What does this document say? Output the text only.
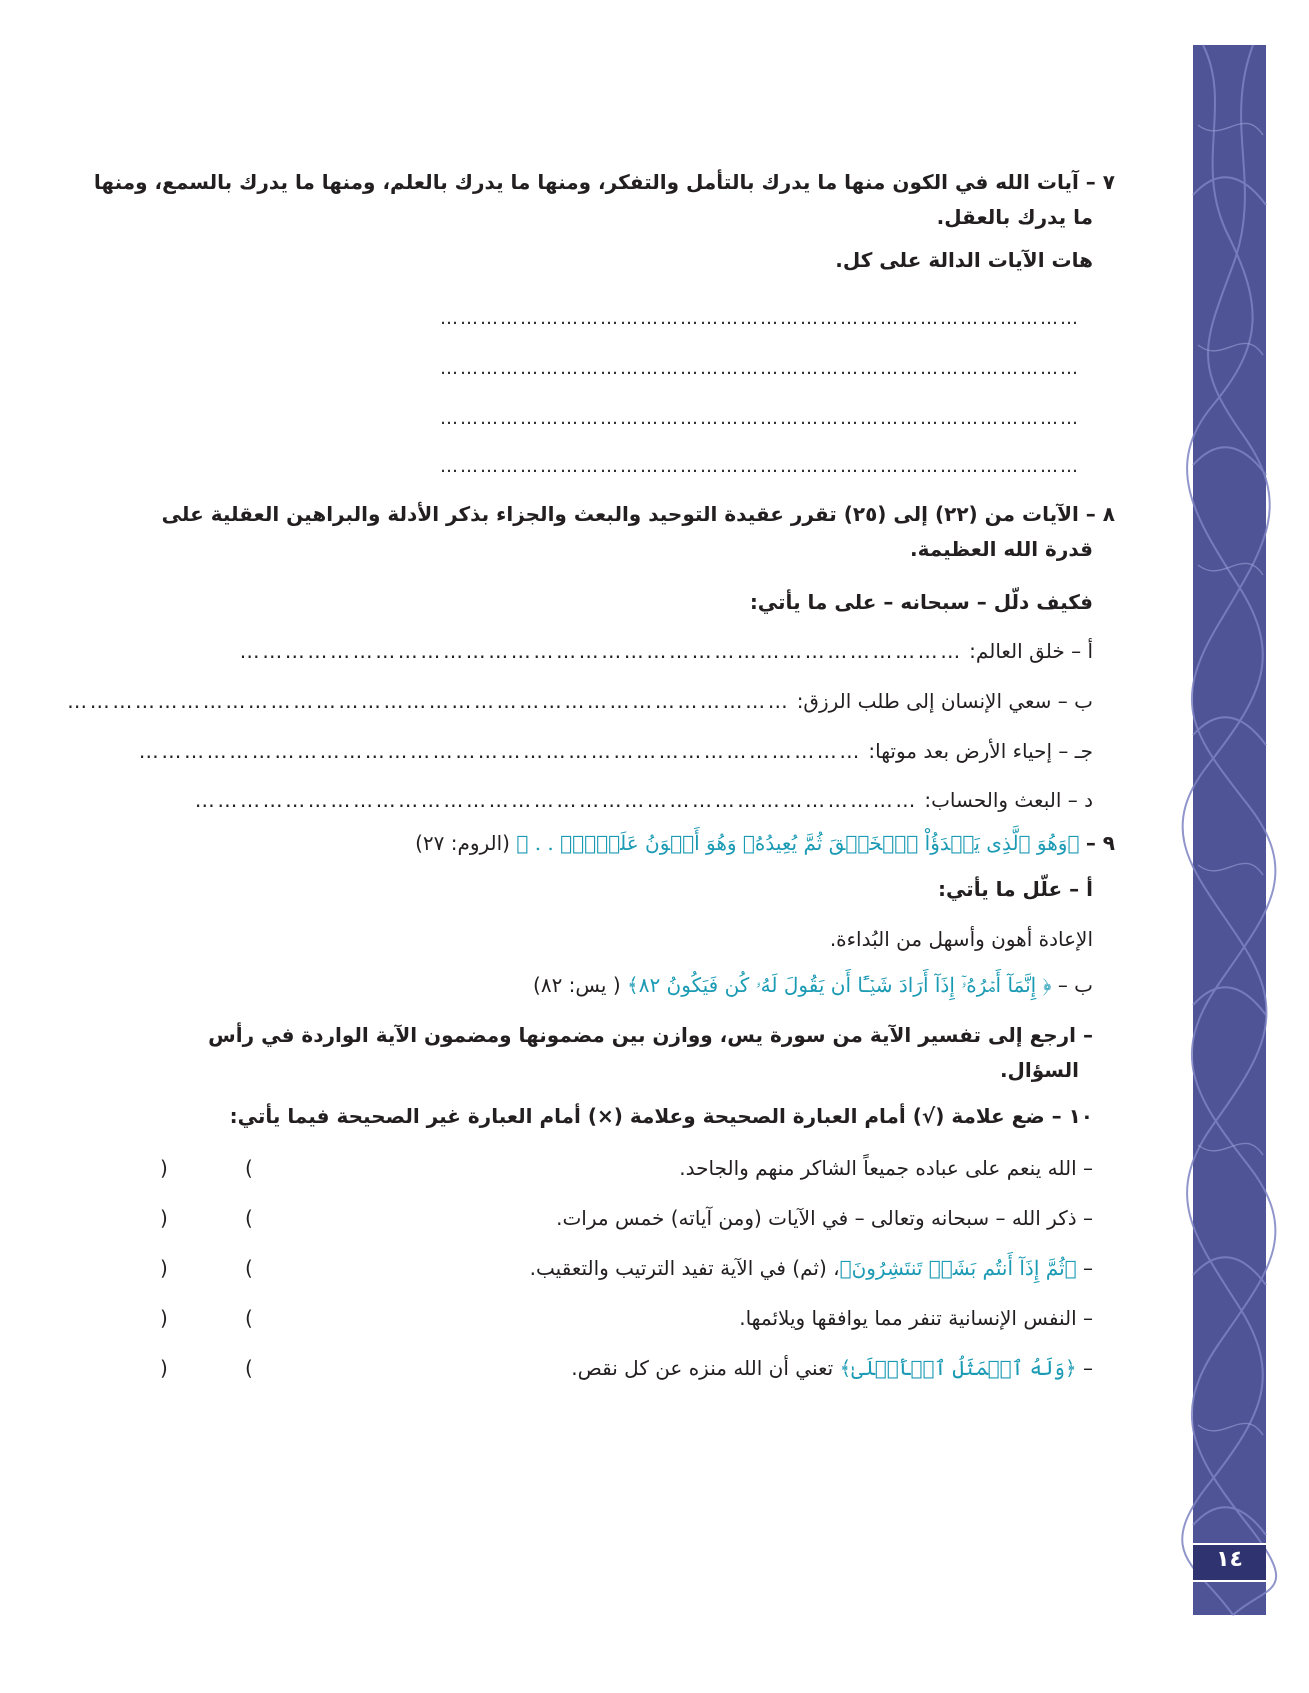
١٤
٧ – آيات الله في الكون منها ما يدرك بالتأمل والتفكر، ومنها ما يدرك بالعلم، ومنها ما يدرك بالسمع، ومنها
ما يدرك بالعقل.
هات الآيات الدالة على كل.
……………………………………………………………………………………
……………………………………………………………………………………
……………………………………………………………………………………
……………………………………………………………………………………
٨ – الآيات من (٢٢) إلى (٢٥) تقرر عقيدة التوحيد والبعث والجزاء بذكر الأدلة والبراهين العقلية على
قدرة الله العظيمة.
فكيف دلّل – سبحانه – على ما يأتي:
أ – خلق العالم: ……………………………………………………………………………………
ب – سعي الإنسان إلى طلب الرزق: ……………………………………………………………………………………
جـ – إحياء الأرض بعد موتها: ……………………………………………………………………………………
د – البعث والحساب: ……………………………………………………………………………………
٩ – ﴿وَهُوَ ٱلَّذِى يَبۡدَؤُاْ ٱلۡخَلۡقَ ثُمَّ يُعِيدُهُۥ وَهُوَ أَهۡوَنُ عَلَيۡهِۚ . . ﴾ (الروم: ٢٧)
أ – علّل ما يأتي:
الإعادة أهون وأسهل من البُداءة.
ب – ﴿ إِنَّمَآ أَمۡرُهُۥٓ إِذَآ أَرَادَ شَيۡـًٔا أَن يَقُولَ لَهُۥ كُن فَيَكُونُ ٨٢﴾ ( يس: ٨٢)
– ارجع إلى تفسير الآية من سورة يس، ووازن بين مضمونها ومضمون الآية الواردة في رأس
السؤال.
١٠ – ضع علامة (√) أمام العبارة الصحيحة وعلامة (×) أمام العبارة غير الصحيحة فيما يأتي:
– الله ينعم على عباده جميعاً الشاكر منهم والجاحد.
– ذكر الله – سبحانه وتعالى – في الآيات (ومن آياته) خمس مرات.
– ﴿ثُمَّ إِذَآ أَنتُم بَشَرٞ تَنتَشِرُونَ﴾، (ثم) في الآية تفيد الترتيب والتعقيب.
– النفس الإنسانية تنفر مما يوافقها ويلائمها.
– ﴿وَلَهُ ٱلۡمَثَلُ ٱلۡأَعۡلَىٰ﴾ تعني أن الله منزه عن كل نقص.
(
)
(
)
(
)
(
)
(
)
